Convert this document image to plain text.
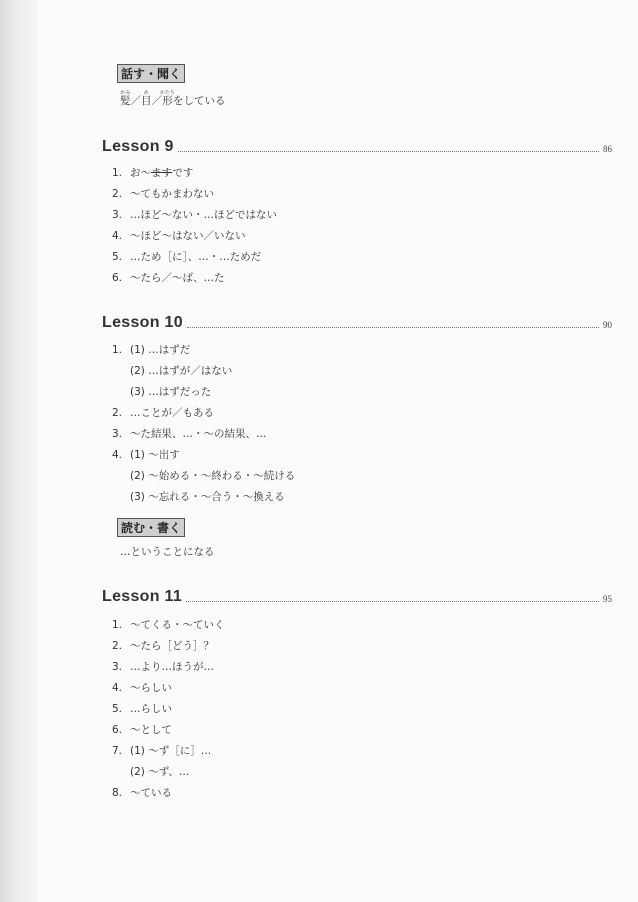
話す・聞く
髪かみ／目め／形かたちをしている
Lesson 9	86
1. お～ますです
2. ～てもかまわない
3. …ほど～ない・…ほどではない
4. ～ほど～はない／いない
5. …ため［に］、…・…ためだ
6. ～たら／～ば、…た
Lesson 10	90
1. (1) …はずだ
(2) …はずが／はない
(3) …はずだった
2. …ことが／もある
3. ～た結果、…・～の結果、…
4. (1) ～出す
(2) ～始める・～終わる・～続ける
(3) ～忘れる・～合う・～換える
読む・書く
…ということになる
Lesson 11	95
1. ～てくる・～ていく
2. ～たら［どう］？
3. …より…ほうが…
4. ～らしい
5. …らしい
6. ～として
7. (1) ～ず［に］…
(2) ～ず、…
8. ～ている
